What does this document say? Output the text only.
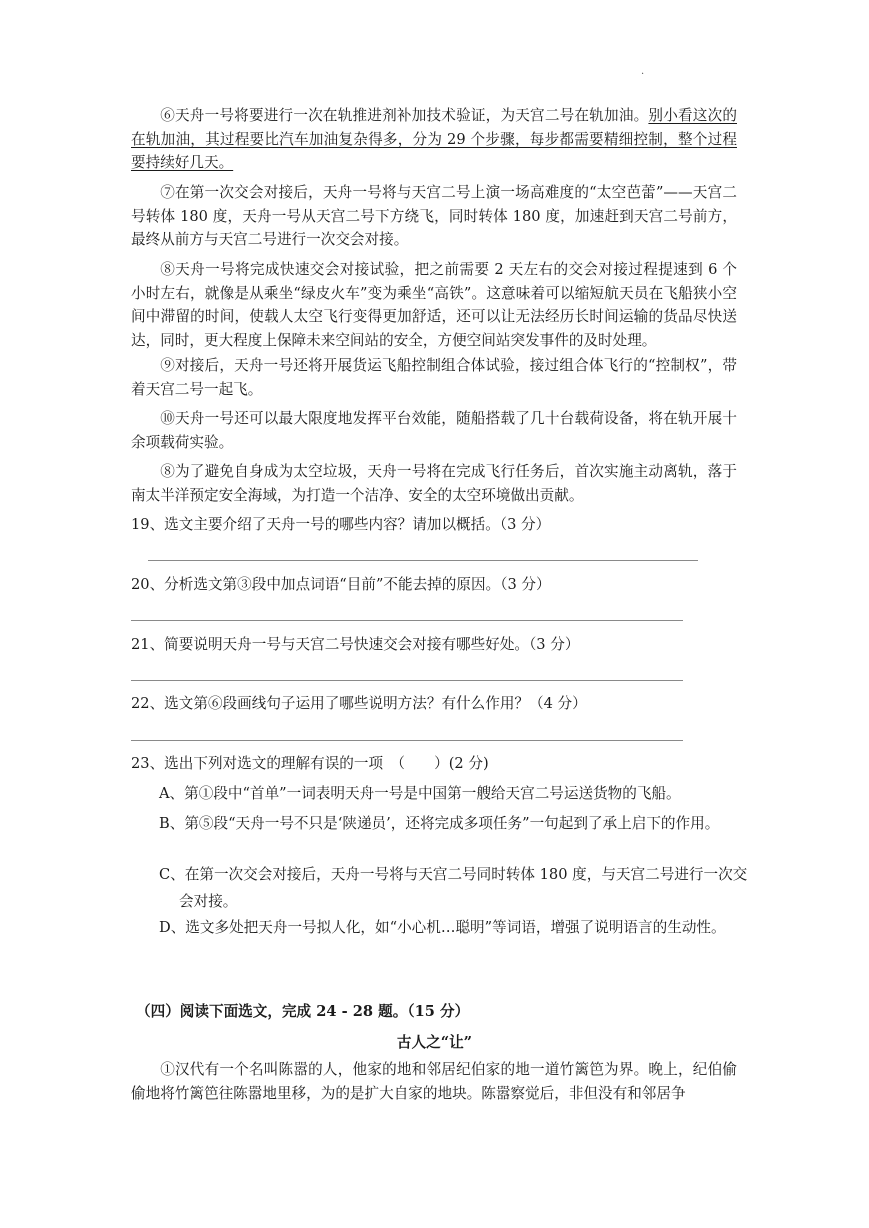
.

⑥天舟一号将要进行一次在轨推进剂补加技术验证，为天宫二号在轨加油。别小看这次的在轨加油，其过程要比汽车加油复杂得多，分为 29 个步骤，每步都需要精细控制，整个过程要持续好几天。

⑦在第一次交会对接后，天舟一号将与天宫二号上演一场高难度的“太空芭蕾”——天宫二号转体 180 度，天舟一号从天宫二号下方绕飞，同时转体 180 度，加速赶到天宫二号前方，最终从前方与天宫二号进行一次交会对接。

⑧天舟一号将完成快速交会对接试验，把之前需要 2 天左右的交会对接过程提速到 6 个小时左右，就像是从乘坐“绿皮火车”变为乘坐“高铁”。这意味着可以缩短航天员在飞船狭小空间中滞留的时间，使载人太空飞行变得更加舒适，还可以让无法经历长时间运输的货品尽快送达，同时，更大程度上保障未来空间站的安全，方便空间站突发事件的及时处理。

⑨对接后，天舟一号还将开展货运飞船控制组合体试验，接过组合体飞行的“控制权”，带着天宫二号一起飞。

⑩天舟一号还可以最大限度地发挥平台效能，随船搭载了几十台载荷设备，将在轨开展十余项载荷实验。

⑧为了避免自身成为太空垃圾，天舟一号将在完成飞行任务后，首次实施主动离轨，落于南太半洋预定安全海域，为打造一个洁净、安全的太空环境做出贡献。

19、选文主要介绍了天舟一号的哪些内容？请加以概括。（3 分）

20、分析选文第③段中加点词语“目前”不能去掉的原因。（3 分）

21、简要说明天舟一号与天宫二号快速交会对接有哪些好处。（3 分）

22、选文第⑥段画线句子运用了哪些说明方法？有什么作用？（4 分）

23、选出下列对选文的理解有误的一项　（　　）(2 分)

A、第①段中“首单”一词表明天舟一号是中国第一艘给天宫二号运送货物的飞船。

B、第⑤段“天舟一号不只是‘陕递员’，还将完成多项任务”一句起到了承上启下的作用。

C、在第一次交会对接后，天舟一号将与天宫二号同时转体 180 度，与天宫二号进行一次交会对接。

D、选文多处把天舟一号拟人化，如“小心机…聪明”等词语，增强了说明语言的生动性。

（四）阅读下面选文，完成 24 - 28 题。（15 分）

古人之“让”

①汉代有一个名叫陈嚣的人，他家的地和邻居纪伯家的地一道竹篱笆为界。晚上，纪伯偷偷地将竹篱笆往陈嚣地里移，为的是扩大自家的地块。陈嚣察觉后，非但没有和邻居争
